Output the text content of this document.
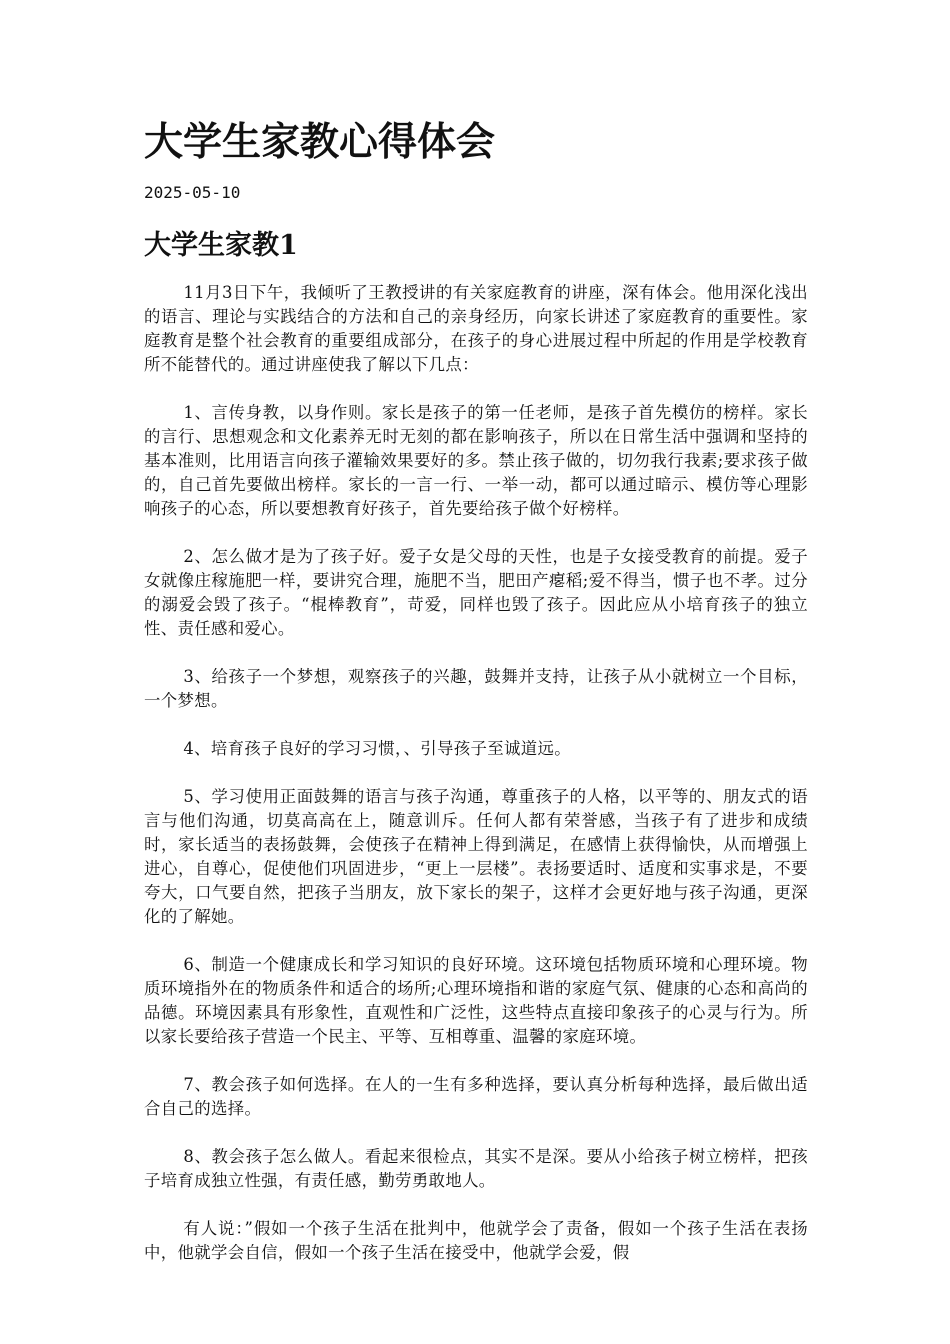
大学生家教心得体会
2025-05-10
大学生家教1

11月3日下午，我倾听了王教授讲的有关家庭教育的讲座，深有体会。他用深化浅出的语言、理论与实践结合的方法和自己的亲身经历，向家长讲述了家庭教育的重要性。家庭教育是整个社会教育的重要组成部分，在孩子的身心进展过程中所起的作用是学校教育所不能替代的。通过讲座使我了解以下几点：

1、言传身教，以身作则。家长是孩子的第一任老师，是孩子首先模仿的榜样。家长的言行、思想观念和文化素养无时无刻的都在影响孩子，所以在日常生活中强调和坚持的基本准则，比用语言向孩子灌输效果要好的多。禁止孩子做的，切勿我行我素;要求孩子做的，自己首先要做出榜样。家长的一言一行、一举一动，都可以通过暗示、模仿等心理影响孩子的心态，所以要想教育好孩子，首先要给孩子做个好榜样。

2、怎么做才是为了孩子好。爱子女是父母的天性，也是子女接受教育的前提。爱子女就像庄稼施肥一样，要讲究合理，施肥不当，肥田产瘪稻;爱不得当，惯子也不孝。过分的溺爱会毁了孩子。“棍棒教育”，苛爱，同样也毁了孩子。因此应从小培育孩子的独立性、责任感和爱心。

3、给孩子一个梦想，观察孩子的兴趣，鼓舞并支持，让孩子从小就树立一个目标，一个梦想。

4、培育孩子良好的学习习惯，、引导孩子至诚道远。

5、学习使用正面鼓舞的语言与孩子沟通，尊重孩子的人格，以平等的、朋友式的语言与他们沟通，切莫高高在上，随意训斥。任何人都有荣誉感，当孩子有了进步和成绩时，家长适当的表扬鼓舞，会使孩子在精神上得到满足，在感情上获得愉快，从而增强上进心，自尊心，促使他们巩固进步，“更上一层楼”。表扬要适时、适度和实事求是，不要夸大，口气要自然，把孩子当朋友，放下家长的架子，这样才会更好地与孩子沟通，更深化的了解她。

6、制造一个健康成长和学习知识的良好环境。这环境包括物质环境和心理环境。物质环境指外在的物质条件和适合的场所;心理环境指和谐的家庭气氛、健康的心态和高尚的品德。环境因素具有形象性，直观性和广泛性，这些特点直接印象孩子的心灵与行为。所以家长要给孩子营造一个民主、平等、互相尊重、温馨的家庭环境。

7、教会孩子如何选择。在人的一生有多种选择，要认真分析每种选择，最后做出适合自己的选择。

8、教会孩子怎么做人。看起来很检点，其实不是深。要从小给孩子树立榜样，把孩子培育成独立性强，有责任感，勤劳勇敢地人。

有人说：”假如一个孩子生活在批判中，他就学会了责备，假如一个孩子生活在表扬中，他就学会自信，假如一个孩子生活在接受中，他就学会爱，假
